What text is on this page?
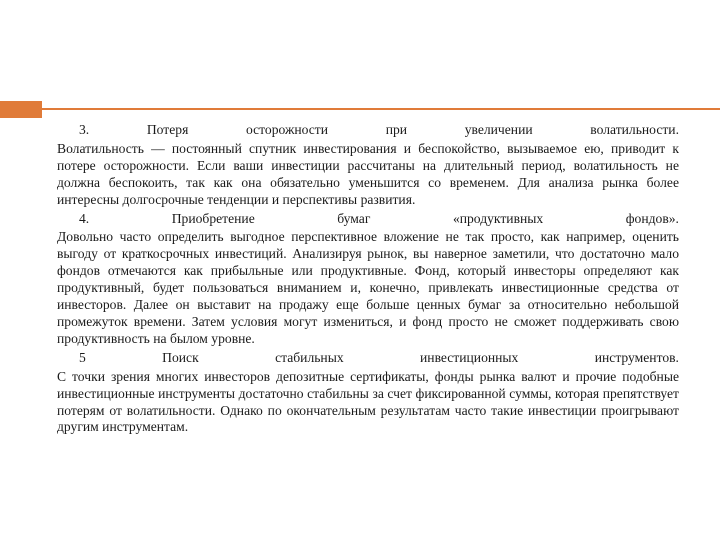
3.	Потеря	осторожности	при	увеличении	волатильности.

Волатильность — постоянный спутник инвестирования и беспокойство, вызываемое ею, приводит к потере осторожности. Если ваши инвестиции рассчитаны на длительный период, волатильность не должна беспокоить, так как она обязательно уменьшится со временем. Для анализа рынка более интересны долгосрочные тенденции и перспективы развития.

4.	Приобретение	бумаг	«продуктивных	фондов».

Довольно часто определить выгодное перспективное вложение не так просто, как например, оценить выгоду от краткосрочных инвестиций. Анализируя рынок, вы наверное заметили, что достаточно мало фондов отмечаются как прибыльные или продуктивные. Фонд, который инвесторы определяют как продуктивный, будет пользоваться вниманием и, конечно, привлекать инвестиционные средства от инвесторов. Далее он выставит на продажу еще больше ценных бумаг за относительно небольшой промежуток времени. Затем условия могут измениться, и фонд просто не сможет поддерживать свою продуктивность на былом уровне.

5	Поиск	стабильных	инвестиционных	инструментов.

С точки зрения многих инвесторов депозитные сертификаты, фонды рынка валют и прочие подобные инвестиционные инструменты достаточно стабильны за счет фиксированной суммы, которая препятствует потерям от волатильности. Однако по окончательным результатам часто такие инвестиции проигрывают другим инструментам.
